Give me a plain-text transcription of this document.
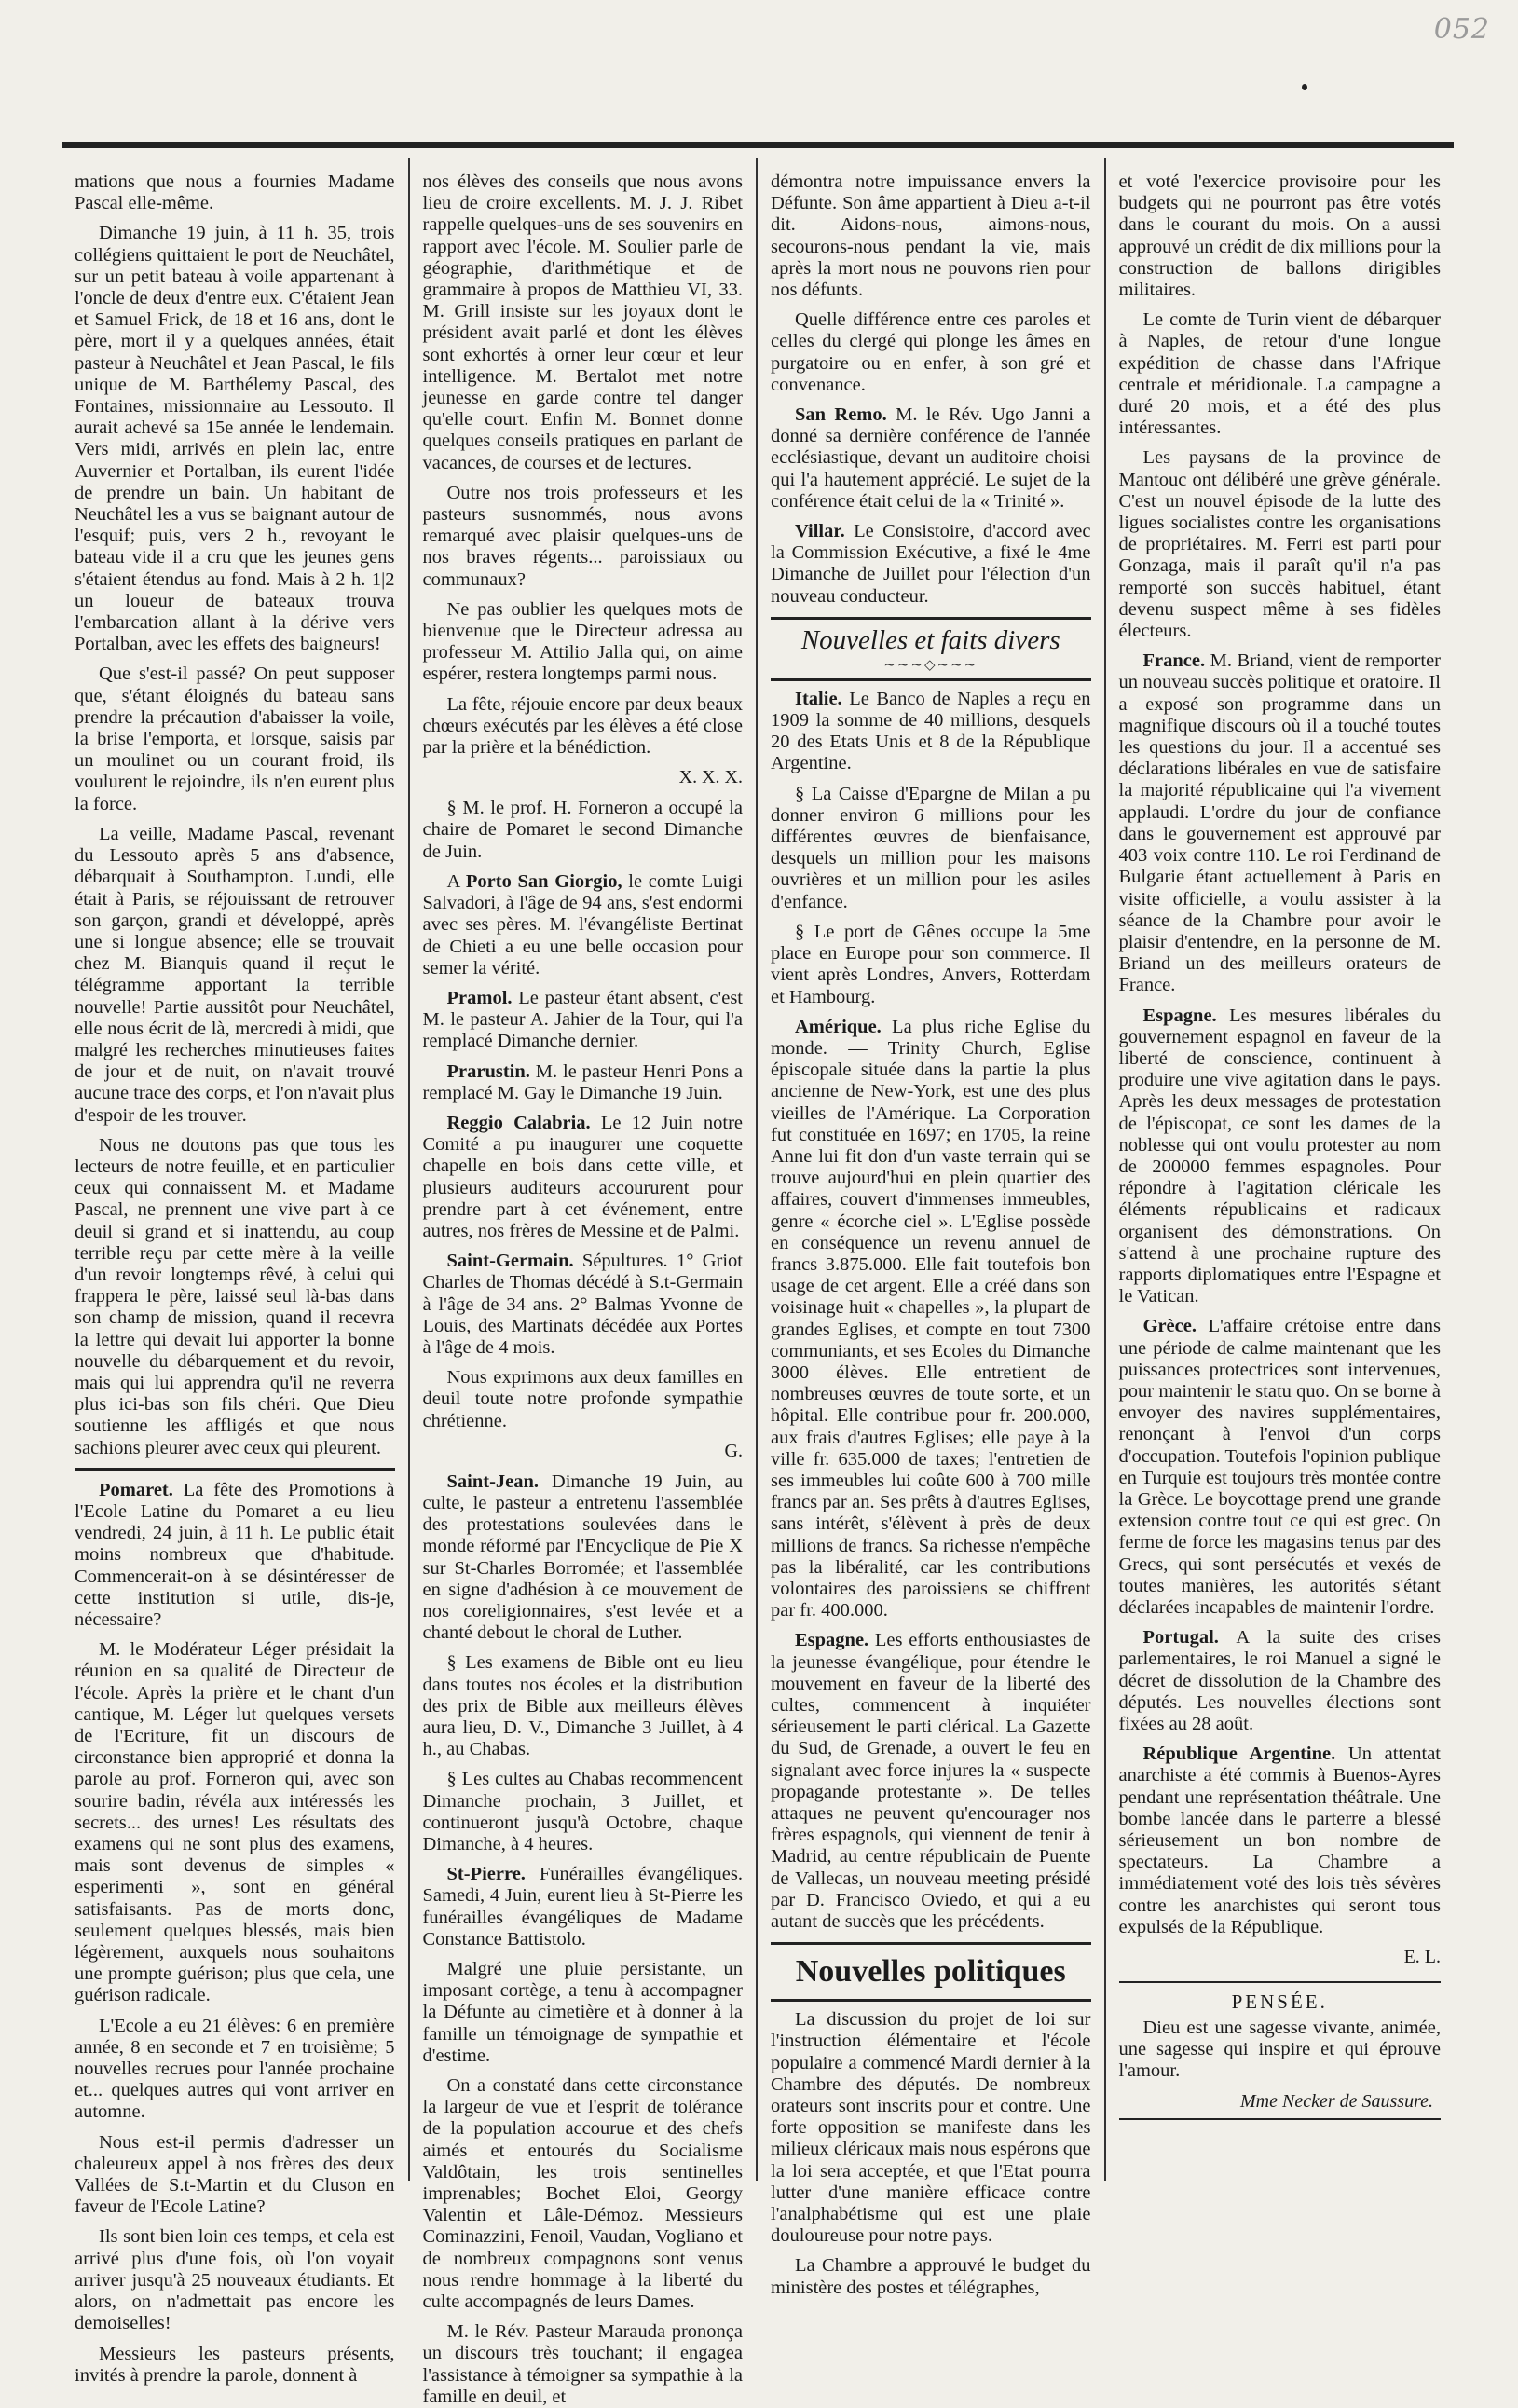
052

mations que nous a fournies Madame Pascal elle-même.

Dimanche 19 juin, à 11 h. 35, trois collégiens quittaient le port de Neuchâtel, sur un petit bateau à voile appartenant à l'oncle de deux d'entre eux. C'étaient Jean et Samuel Frick, de 18 et 16 ans, dont le père, mort il y a quelques années, était pasteur à Neuchâtel et Jean Pascal, le fils unique de M. Barthélemy Pascal, des Fontaines, missionnaire au Lessouto. Il aurait achevé sa 15e année le lendemain. Vers midi, arrivés en plein lac, entre Auvernier et Portalban, ils eurent l'idée de prendre un bain. Un habitant de Neuchâtel les a vus se baignant autour de l'esquif; puis, vers 2 h., revoyant le bateau vide il a cru que les jeunes gens s'étaient étendus au fond. Mais à 2 h. 1|2 un loueur de bateaux trouva l'embarcation allant à la dérive vers Portalban, avec les effets des baigneurs!

Que s'est-il passé? On peut supposer que, s'étant éloignés du bateau sans prendre la précaution d'abaisser la voile, la brise l'emporta, et lorsque, saisis par un moulinet ou un courant froid, ils voulurent le rejoindre, ils n'en eurent plus la force.

La veille, Madame Pascal, revenant du Lessouto après 5 ans d'absence, débarquait à Southampton. Lundi, elle était à Paris, se réjouissant de retrouver son garçon, grandi et développé, après une si longue absence; elle se trouvait chez M. Bianquis quand il reçut le télégramme apportant la terrible nouvelle! Partie aussitôt pour Neuchâtel, elle nous écrit de là, mercredi à midi, que malgré les recherches minutieuses faites de jour et de nuit, on n'avait trouvé aucune trace des corps, et l'on n'avait plus d'espoir de les trouver.

Nous ne doutons pas que tous les lecteurs de notre feuille, et en particulier ceux qui connaissent M. et Madame Pascal, ne prennent une vive part à ce deuil si grand et si inattendu, au coup terrible reçu par cette mère à la veille d'un revoir longtemps rêvé, à celui qui frappera le père, laissé seul là-bas dans son champ de mission, quand il recevra la lettre qui devait lui apporter la bonne nouvelle du débarquement et du revoir, mais qui lui apprendra qu'il ne reverra plus ici-bas son fils chéri. Que Dieu soutienne les affligés et que nous sachions pleurer avec ceux qui pleurent.

Pomaret. La fête des Promotions à l'Ecole Latine du Pomaret a eu lieu vendredi, 24 juin, à 11 h. Le public était moins nombreux que d'habitude. Commencerait-on à se désintéresser de cette institution si utile, dis-je, nécessaire?

M. le Modérateur Léger présidait la réunion en sa qualité de Directeur de l'école. Après la prière et le chant d'un cantique, M. Léger lut quelques versets de l'Ecriture, fit un discours de circonstance bien approprié et donna la parole au prof. Forneron qui, avec son sourire badin, révéla aux intéressés les secrets... des urnes! Les résultats des examens qui ne sont plus des examens, mais sont devenus de simples « esperimenti », sont en général satisfaisants. Pas de morts donc, seulement quelques blessés, mais bien légèrement, auxquels nous souhaitons une prompte guérison; plus que cela, une guérison radicale.

L'Ecole a eu 21 élèves: 6 en première année, 8 en seconde et 7 en troisième; 5 nouvelles recrues pour l'année prochaine et... quelques autres qui vont arriver en automne.

Nous est-il permis d'adresser un chaleureux appel à nos frères des deux Vallées de S.t-Martin et du Cluson en faveur de l'Ecole Latine?

Ils sont bien loin ces temps, et cela est arrivé plus d'une fois, où l'on voyait arriver jusqu'à 25 nouveaux étudiants. Et alors, on n'admettait pas encore les demoiselles!

Messieurs les pasteurs présents, invités à prendre la parole, donnent à

nos élèves des conseils que nous avons lieu de croire excellents. M. J. J. Ribet rappelle quelques-uns de ses souvenirs en rapport avec l'école. M. Soulier parle de géographie, d'arithmétique et de grammaire à propos de Matthieu VI, 33. M. Grill insiste sur les joyaux dont le président avait parlé et dont les élèves sont exhortés à orner leur cœur et leur intelligence. M. Bertalot met notre jeunesse en garde contre tel danger qu'elle court. Enfin M. Bonnet donne quelques conseils pratiques en parlant de vacances, de courses et de lectures.

Outre nos trois professeurs et les pasteurs susnommés, nous avons remarqué avec plaisir quelques-uns de nos braves régents... paroissiaux ou communaux?

Ne pas oublier les quelques mots de bienvenue que le Directeur adressa au professeur M. Attilio Jalla qui, on aime espérer, restera longtemps parmi nous.

La fête, réjouie encore par deux beaux chœurs exécutés par les élèves a été close par la prière et la bénédiction.

X. X. X.

§ M. le prof. H. Forneron a occupé la chaire de Pomaret le second Dimanche de Juin.

A Porto San Giorgio, le comte Luigi Salvadori, à l'âge de 94 ans, s'est endormi avec ses pères. M. l'évangéliste Bertinat de Chieti a eu une belle occasion pour semer la vérité.

Pramol. Le pasteur étant absent, c'est M. le pasteur A. Jahier de la Tour, qui l'a remplacé Dimanche dernier.

Prarustin. M. le pasteur Henri Pons a remplacé M. Gay le Dimanche 19 Juin.

Reggio Calabria. Le 12 Juin notre Comité a pu inaugurer une coquette chapelle en bois dans cette ville, et plusieurs auditeurs accoururent pour prendre part à cet événement, entre autres, nos frères de Messine et de Palmi.

Saint-Germain. Sépultures. 1° Griot Charles de Thomas décédé à S.t-Germain à l'âge de 34 ans. 2° Balmas Yvonne de Louis, des Martinats décédée aux Portes à l'âge de 4 mois.

Nous exprimons aux deux familles en deuil toute notre profonde sympathie chrétienne.

G.

Saint-Jean. Dimanche 19 Juin, au culte, le pasteur a entretenu l'assemblée des protestations soulevées dans le monde réformé par l'Encyclique de Pie X sur St-Charles Borromée; et l'assemblée en signe d'adhésion à ce mouvement de nos coreligionnaires, s'est levée et a chanté debout le choral de Luther.

§ Les examens de Bible ont eu lieu dans toutes nos écoles et la distribution des prix de Bible aux meilleurs élèves aura lieu, D. V., Dimanche 3 Juillet, à 4 h., au Chabas.

§ Les cultes au Chabas recommencent Dimanche prochain, 3 Juillet, et continueront jusqu'à Octobre, chaque Dimanche, à 4 heures.

St-Pierre. Funérailles évangéliques. Samedi, 4 Juin, eurent lieu à St-Pierre les funérailles évangéliques de Madame Constance Battistolo.

Malgré une pluie persistante, un imposant cortège, a tenu à accompagner la Défunte au cimetière et à donner à la famille un témoignage de sympathie et d'estime.

On a constaté dans cette circonstance la largeur de vue et l'esprit de tolérance de la population accourue et des chefs aimés et entourés du Socialisme Valdôtain, les trois sentinelles imprenables; Bochet Eloi, Georgy Valentin et Lâle-Démoz. Messieurs Cominazzini, Fenoil, Vaudan, Vogliano et de nombreux compagnons sont venus nous rendre hommage à la liberté du culte accompagnés de leurs Dames.

M. le Rév. Pasteur Marauda prononça un discours très touchant; il engagea l'assistance à témoigner sa sympathie à la famille en deuil, et

démontra notre impuissance envers la Défunte. Son âme appartient à Dieu a-t-il dit. Aidons-nous, aimons-nous, secourons-nous pendant la vie, mais après la mort nous ne pouvons rien pour nos défunts.

Quelle différence entre ces paroles et celles du clergé qui plonge les âmes en purgatoire ou en enfer, à son gré et convenance.

San Remo. M. le Rév. Ugo Janni a donné sa dernière conférence de l'année ecclésiastique, devant un auditoire choisi qui l'a hautement apprécié. Le sujet de la conférence était celui de la « Trinité ».

Villar. Le Consistoire, d'accord avec la Commission Exécutive, a fixé le 4me Dimanche de Juillet pour l'élection d'un nouveau conducteur.

Nouvelles et faits divers
~~~◇~~~

Italie. Le Banco de Naples a reçu en 1909 la somme de 40 millions, desquels 20 des Etats Unis et 8 de la République Argentine.

§ La Caisse d'Epargne de Milan a pu donner environ 6 millions pour les différentes œuvres de bienfaisance, desquels un million pour les maisons ouvrières et un million pour les asiles d'enfance.

§ Le port de Gênes occupe la 5me place en Europe pour son commerce. Il vient après Londres, Anvers, Rotterdam et Hambourg.

Amérique. La plus riche Eglise du monde. — Trinity Church, Eglise épiscopale située dans la partie la plus ancienne de New-York, est une des plus vieilles de l'Amérique. La Corporation fut constituée en 1697; en 1705, la reine Anne lui fit don d'un vaste terrain qui se trouve aujourd'hui en plein quartier des affaires, couvert d'immenses immeubles, genre « écorche ciel ». L'Eglise possède en conséquence un revenu annuel de francs 3.875.000. Elle fait toutefois bon usage de cet argent. Elle a créé dans son voisinage huit « chapelles », la plupart de grandes Eglises, et compte en tout 7300 communiants, et ses Ecoles du Dimanche 3000 élèves. Elle entretient de nombreuses œuvres de toute sorte, et un hôpital. Elle contribue pour fr. 200.000, aux frais d'autres Eglises; elle paye à la ville fr. 635.000 de taxes; l'entretien de ses immeubles lui coûte 600 à 700 mille francs par an. Ses prêts à d'autres Eglises, sans intérêt, s'élèvent à près de deux millions de francs. Sa richesse n'empêche pas la libéralité, car les contributions volontaires des paroissiens se chiffrent par fr. 400.000.

Espagne. Les efforts enthousiastes de la jeunesse évangélique, pour étendre le mouvement en faveur de la liberté des cultes, commencent à inquiéter sérieusement le parti clérical. La Gazette du Sud, de Grenade, a ouvert le feu en signalant avec force injures la « suspecte propagande protestante ». De telles attaques ne peuvent qu'encourager nos frères espagnols, qui viennent de tenir à Madrid, au centre républicain de Puente de Vallecas, un nouveau meeting présidé par D. Francisco Oviedo, et qui a eu autant de succès que les précédents.

Nouvelles politiques

La discussion du projet de loi sur l'instruction élémentaire et l'école populaire a commencé Mardi dernier à la Chambre des députés. De nombreux orateurs sont inscrits pour et contre. Une forte opposition se manifeste dans les milieux cléricaux mais nous espérons que la loi sera acceptée, et que l'Etat pourra lutter d'une manière efficace contre l'analphabétisme qui est une plaie douloureuse pour notre pays.

La Chambre a approuvé le budget du ministère des postes et télégraphes,

et voté l'exercice provisoire pour les budgets qui ne pourront pas être votés dans le courant du mois. On a aussi approuvé un crédit de dix millions pour la construction de ballons dirigibles militaires.

Le comte de Turin vient de débarquer à Naples, de retour d'une longue expédition de chasse dans l'Afrique centrale et méridionale. La campagne a duré 20 mois, et a été des plus intéressantes.

Les paysans de la province de Mantouc ont délibéré une grève générale. C'est un nouvel épisode de la lutte des ligues socialistes contre les organisations de propriétaires. M. Ferri est parti pour Gonzaga, mais il paraît qu'il n'a pas remporté son succès habituel, étant devenu suspect même à ses fidèles électeurs.

France. M. Briand, vient de remporter un nouveau succès politique et oratoire. Il a exposé son programme dans un magnifique discours où il a touché toutes les questions du jour. Il a accentué ses déclarations libérales en vue de satisfaire la majorité républicaine qui l'a vivement applaudi. L'ordre du jour de confiance dans le gouvernement est approuvé par 403 voix contre 110. Le roi Ferdinand de Bulgarie étant actuellement à Paris en visite officielle, a voulu assister à la séance de la Chambre pour avoir le plaisir d'entendre, en la personne de M. Briand un des meilleurs orateurs de France.

Espagne. Les mesures libérales du gouvernement espagnol en faveur de la liberté de conscience, continuent à produire une vive agitation dans le pays. Après les deux messages de protestation de l'épiscopat, ce sont les dames de la noblesse qui ont voulu protester au nom de 200000 femmes espagnoles. Pour répondre à l'agitation cléricale les éléments républicains et radicaux organisent des démonstrations. On s'attend à une prochaine rupture des rapports diplomatiques entre l'Espagne et le Vatican.

Grèce. L'affaire crétoise entre dans une période de calme maintenant que les puissances protectrices sont intervenues, pour maintenir le statu quo. On se borne à envoyer des navires supplémentaires, renonçant à l'envoi d'un corps d'occupation. Toutefois l'opinion publique en Turquie est toujours très montée contre la Grèce. Le boycottage prend une grande extension contre tout ce qui est grec. On ferme de force les magasins tenus par des Grecs, qui sont persécutés et vexés de toutes manières, les autorités s'étant déclarées incapables de maintenir l'ordre.

Portugal. A la suite des crises parlementaires, le roi Manuel a signé le décret de dissolution de la Chambre des députés. Les nouvelles élections sont fixées au 28 août.

République Argentine. Un attentat anarchiste a été commis à Buenos-Ayres pendant une représentation théâtrale. Une bombe lancée dans le parterre a blessé sérieusement un bon nombre de spectateurs. La Chambre a immédiatement voté des lois très sévères contre les anarchistes qui seront tous expulsés de la République.

E. L.
PENSÉE.

Dieu est une sagesse vivante, animée, une sagesse qui inspire et qui éprouve l'amour.

Mme Necker de Saussure.
